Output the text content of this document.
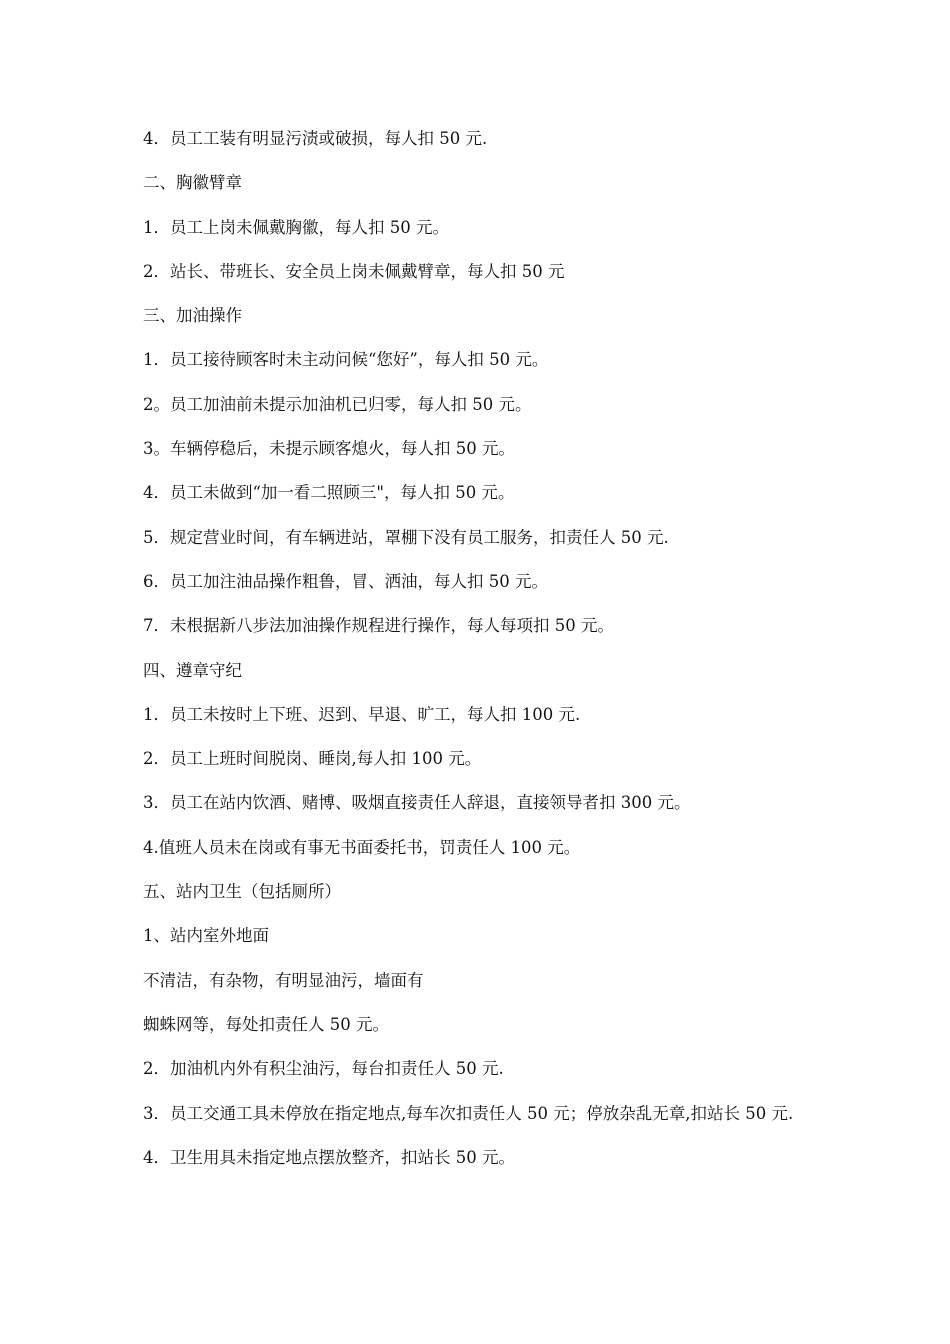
4．员工工装有明显污渍或破损，每人扣 50 元.

二、胸徽臂章

1．员工上岗未佩戴胸徽，每人扣 50 元。

2．站长、带班长、安全员上岗未佩戴臂章，每人扣 50 元

三、加油操作

1．员工接待顾客时未主动问候“您好”，每人扣 50 元。

2。员工加油前未提示加油机已归零，每人扣 50 元。

3。车辆停稳后，未提示顾客熄火，每人扣 50 元。

4．员工未做到“加一看二照顾三"，每人扣 50 元。

5．规定营业时间，有车辆进站，罩棚下没有员工服务，扣责任人 50 元.

6．员工加注油品操作粗鲁，冒、洒油，每人扣 50 元。

7．未根据新八步法加油操作规程进行操作，每人每项扣 50 元。

四、遵章守纪

1．员工未按时上下班、迟到、早退、旷工，每人扣 100 元.

2．员工上班时间脱岗、睡岗,每人扣 100 元。

3．员工在站内饮酒、赌博、吸烟直接责任人辞退，直接领导者扣 300 元。

4.值班人员未在岗或有事无书面委托书，罚责任人 100 元。

五、站内卫生（包括厕所）

1、站内室外地面

不清洁，有杂物，有明显油污，墙面有

蜘蛛网等，每处扣责任人 50 元。

2．加油机内外有积尘油污，每台扣责任人 50 元.

3．员工交通工具未停放在指定地点,每车次扣责任人 50 元；停放杂乱无章,扣站长 50 元.

4．卫生用具未指定地点摆放整齐，扣站长 50 元。
